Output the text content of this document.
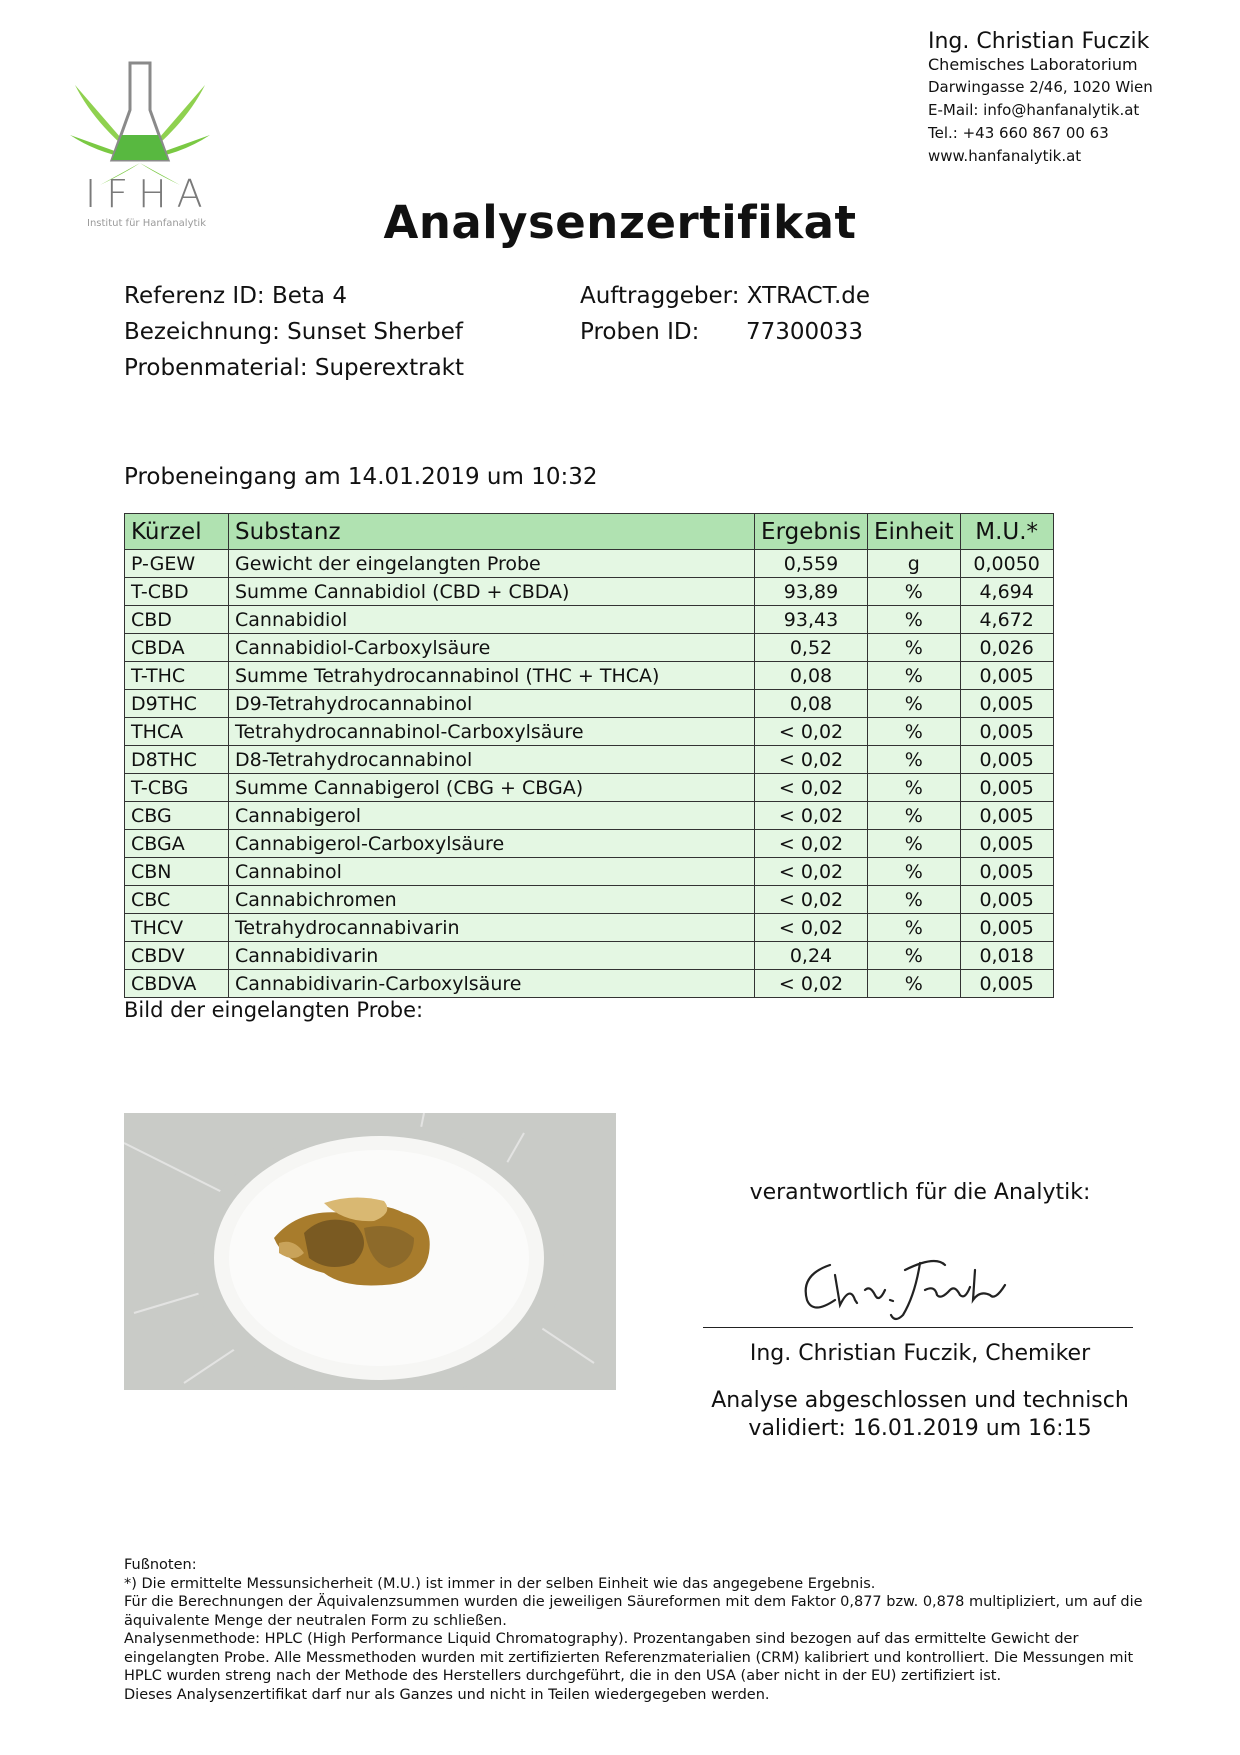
IFHA
Institut für Hanfanalytik
Ing. Christian Fuczik
Chemisches Laboratorium
Darwingasse 2/46, 1020 Wien
E-Mail: info@hanfanalytik.at
Tel.: +43 660 867 00 63
www.hanfanalytik.at
Analysenzertifikat
Referenz ID: Beta 4
Bezeichnung: Sunset Sherbef
Probenmaterial: Superextrakt
Auftraggeber: XTRACT.de
Proben ID: 77300033
Probeneingang am 14.01.2019 um 10:32
Kürzel	Substanz	Ergebnis	Einheit	M.U.*
P-GEW	Gewicht der eingelangten Probe	0,559	g	0,0050
T-CBD	Summe Cannabidiol (CBD + CBDA)	93,89	%	4,694
CBD	Cannabidiol	93,43	%	4,672
CBDA	Cannabidiol-Carboxylsäure	0,52	%	0,026
T-THC	Summe Tetrahydrocannabinol (THC + THCA)	0,08	%	0,005
D9THC	D9-Tetrahydrocannabinol	0,08	%	0,005
THCA	Tetrahydrocannabinol-Carboxylsäure	< 0,02	%	0,005
D8THC	D8-Tetrahydrocannabinol	< 0,02	%	0,005
T-CBG	Summe Cannabigerol (CBG + CBGA)	< 0,02	%	0,005
CBG	Cannabigerol	< 0,02	%	0,005
CBGA	Cannabigerol-Carboxylsäure	< 0,02	%	0,005
CBN	Cannabinol	< 0,02	%	0,005
CBC	Cannabichromen	< 0,02	%	0,005
THCV	Tetrahydrocannabivarin	< 0,02	%	0,005
CBDV	Cannabidivarin	0,24	%	0,018
CBDVA	Cannabidivarin-Carboxylsäure	< 0,02	%	0,005
Bild der eingelangten Probe:
verantwortlich für die Analytik:
Ing. Christian Fuczik, Chemiker
Analyse abgeschlossen und technisch
validiert: 16.01.2019 um 16:15
Fußnoten:
*) Die ermittelte Messunsicherheit (M.U.) ist immer in der selben Einheit wie das angegebene Ergebnis.
Für die Berechnungen der Äquivalenzsummen wurden die jeweiligen Säureformen mit dem Faktor 0,877 bzw. 0,878 multipliziert, um auf die äquivalente Menge der neutralen Form zu schließen.
Analysenmethode: HPLC (High Performance Liquid Chromatography). Prozentangaben sind bezogen auf das ermittelte Gewicht der eingelangten Probe. Alle Messmethoden wurden mit zertifizierten Referenzmaterialien (CRM) kalibriert und kontrolliert. Die Messungen mit HPLC wurden streng nach der Methode des Herstellers durchgeführt, die in den USA (aber nicht in der EU) zertifiziert ist.
Dieses Analysenzertifikat darf nur als Ganzes und nicht in Teilen wiedergegeben werden.
